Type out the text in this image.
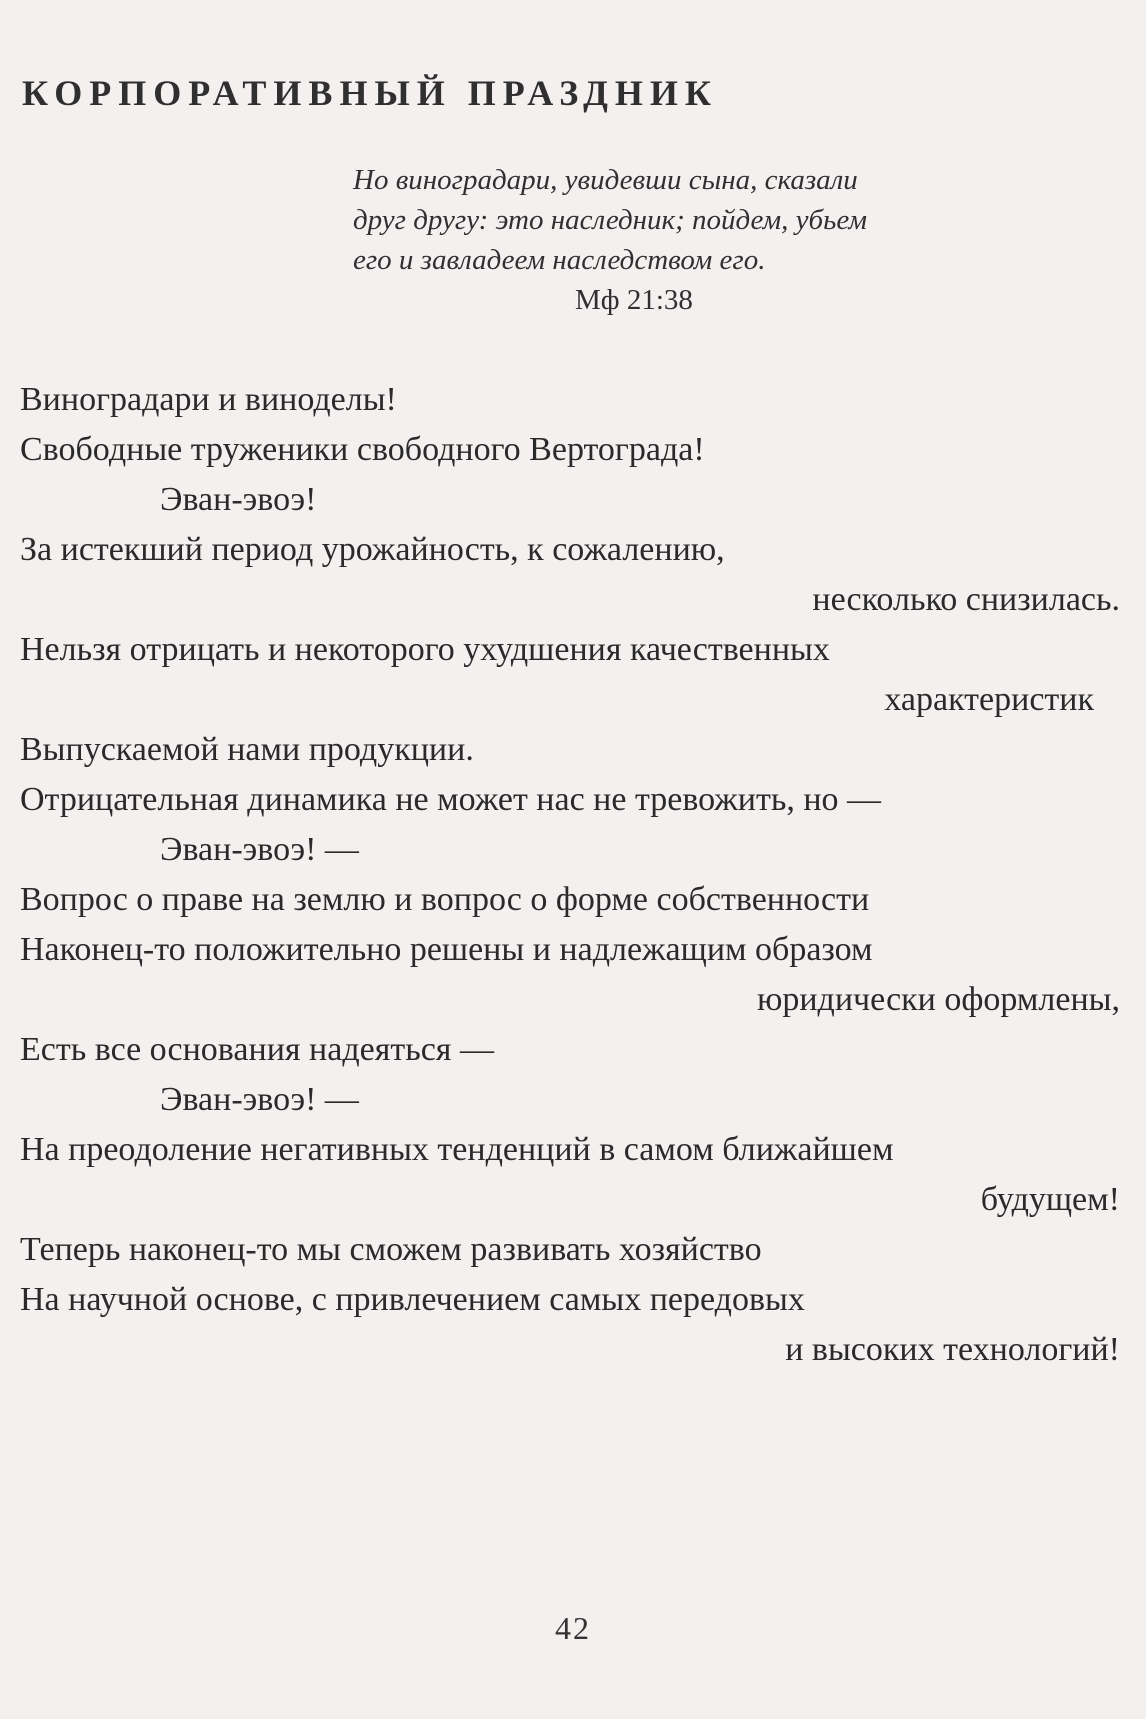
КОРПОРАТИВНЫЙ ПРАЗДНИК
Но виноградари, увидевши сына, сказали
друг другу: это наследник; пойдем, убьем
его и завладеем наследством его.
Мф 21:38
Виноградари и виноделы!
Свободные труженики свободного Вертограда!
Эван-эвоэ!
За истекший период урожайность, к сожалению,
несколько снизилась.
Нельзя отрицать и некоторого ухудшения качественных
характеристик
Выпускаемой нами продукции.
Отрицательная динамика не может нас не тревожить, но —
Эван-эвоэ! —
Вопрос о праве на землю и вопрос о форме собственности
Наконец-то положительно решены и надлежащим образом
юридически оформлены,
Есть все основания надеяться —
Эван-эвоэ! —
На преодоление негативных тенденций в самом ближайшем
будущем!
Теперь наконец-то мы сможем развивать хозяйство
На научной основе, с привлечением самых передовых
и высоких технологий!
42
